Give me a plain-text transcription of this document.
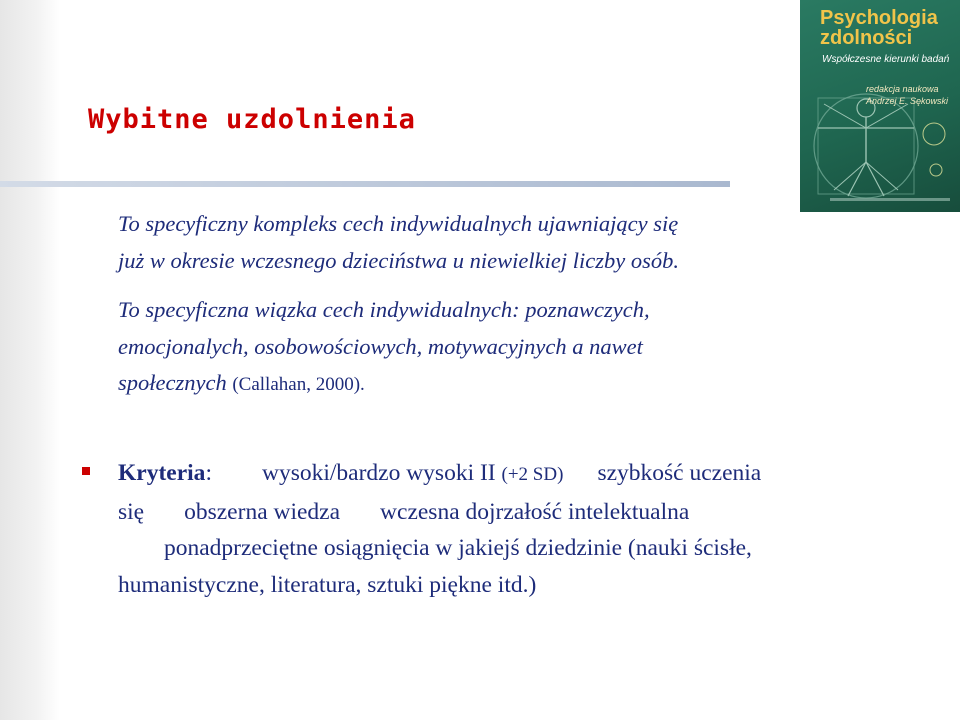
Wybitne uzdolnienia
Psychologia
zdolności
Współczesne kierunki badań
redakcja naukowa
Andrzej E. Sękowski
To specyficzny kompleks cech indywidualnych ujawniający się
już w okresie wczesnego dzieciństwa u niewielkiej liczby osób.
To specyficzna wiązka cech indywidualnych: poznawczych,
emocjonalych, osobowościowych, motywacyjnych a nawet
społecznych (Callahan, 2000).
Kryteria: wysoki/bardzo wysoki II (+2 SD) szybkość uczenia
się obszerna wiedza wczesna dojrzałość intelektualna
ponadprzeciętne osiągnięcia w jakiejś dziedzinie (nauki ścisłe,
humanistyczne, literatura, sztuki piękne itd.)
